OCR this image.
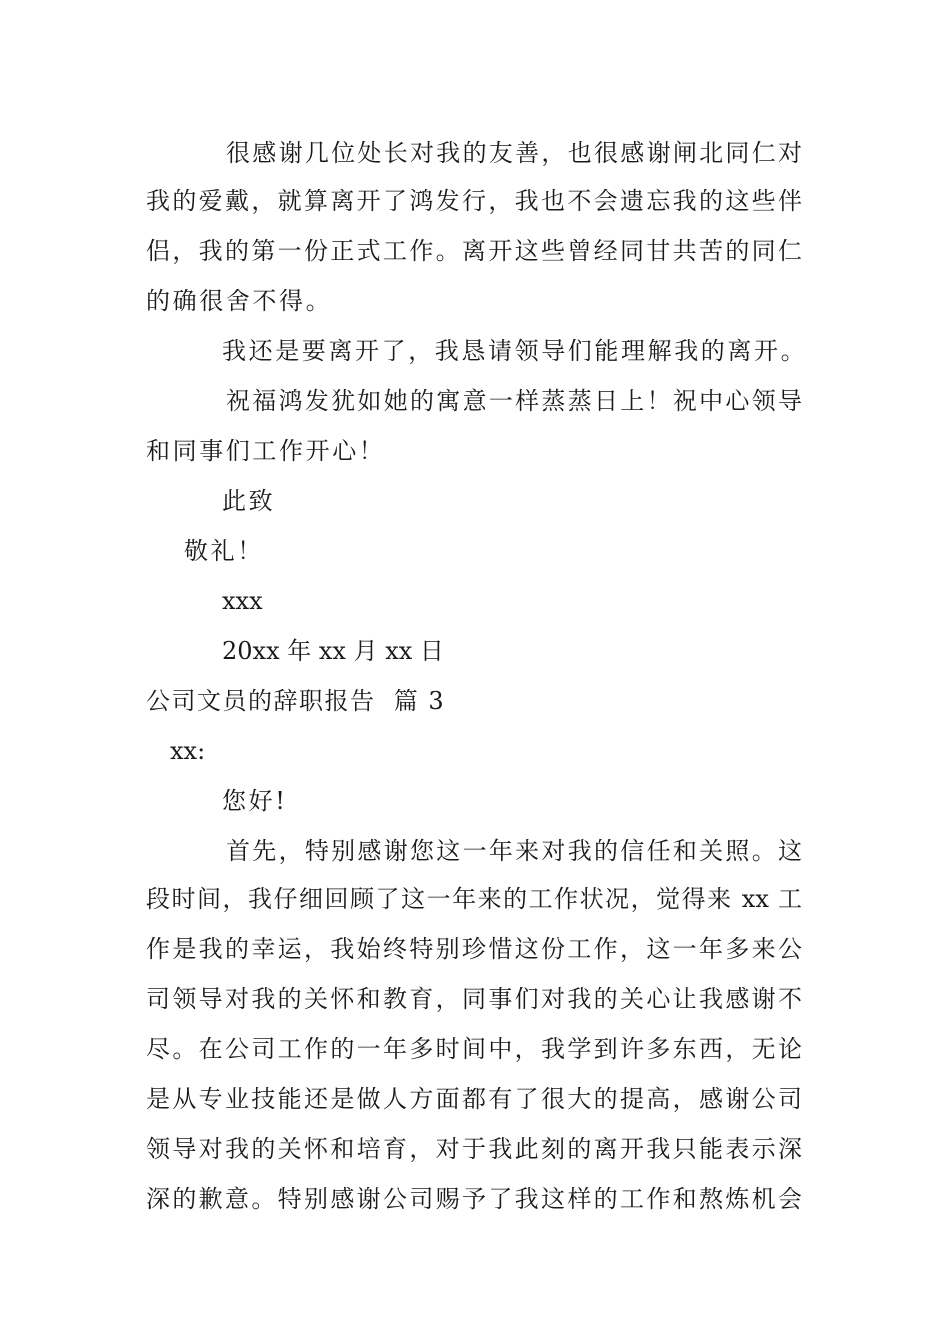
很感谢几位处长对我的友善，也很感谢闸北同仁对
我的爱戴，就算离开了鸿发行，我也不会遗忘我的这些伴
侣，我的第一份正式工作。离开这些曾经同甘共苦的同仁
的确很舍不得。
我还是要离开了，我恳请领导们能理解我的离开。
祝福鸿发犹如她的寓意一样蒸蒸日上！祝中心领导
和同事们工作开心！
此致
敬礼！
xxx
20xx 年 xx 月 xx 日
公司文员的辞职报告  篇 3
xx:
您好!
首先，特别感谢您这一年来对我的信任和关照。这
段时间，我仔细回顾了这一年来的工作状况，觉得来 xx 工
作是我的幸运，我始终特别珍惜这份工作，这一年多来公
司领导对我的关怀和教育，同事们对我的关心让我感谢不
尽。在公司工作的一年多时间中，我学到许多东西，无论
是从专业技能还是做人方面都有了很大的提高，感谢公司
领导对我的关怀和培育，对于我此刻的离开我只能表示深
深的歉意。特别感谢公司赐予了我这样的工作和熬炼机会
